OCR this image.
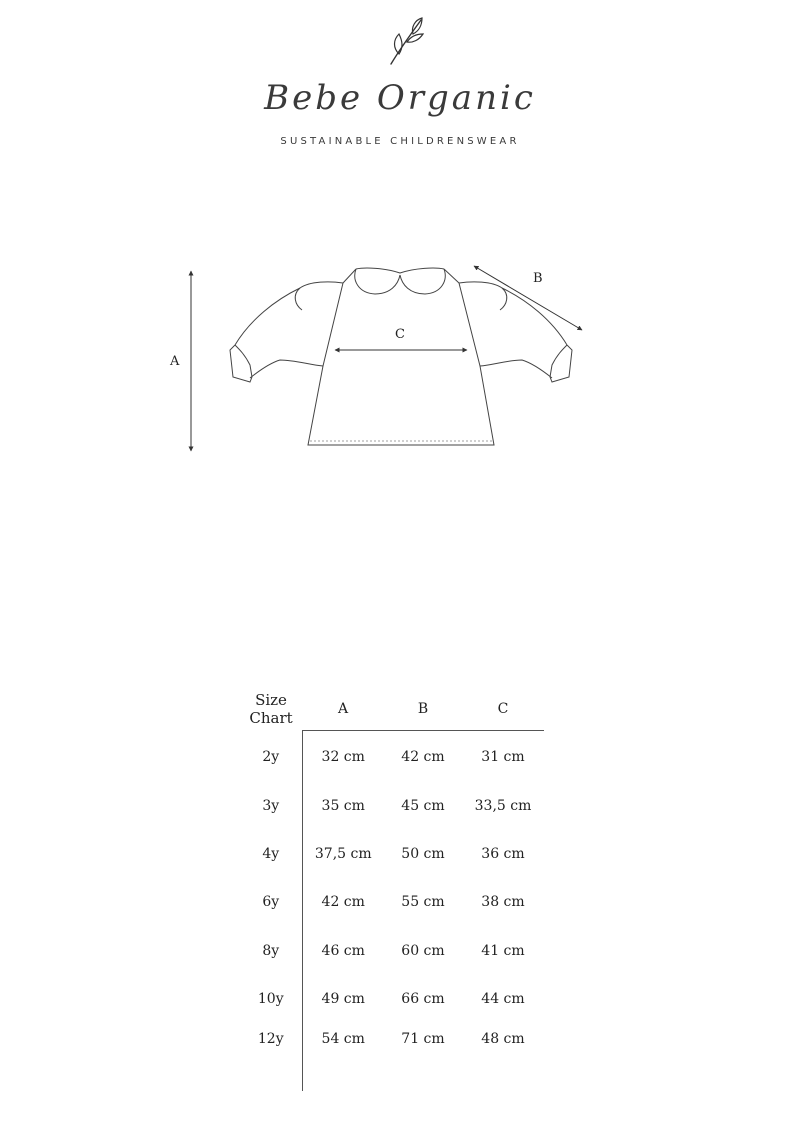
Bebe Organic
SUSTAINABLE CHILDRENSWEAR
A
B
C
Size
Chart	A	B	C
2y	32 cm	42 cm	31 cm
3y	35 cm	45 cm	33,5 cm
4y	37,5 cm	50 cm	36 cm
6y	42 cm	55 cm	38 cm
8y	46 cm	60 cm	41 cm
10y	49 cm	66 cm	44 cm
12y	54 cm	71 cm	48 cm
